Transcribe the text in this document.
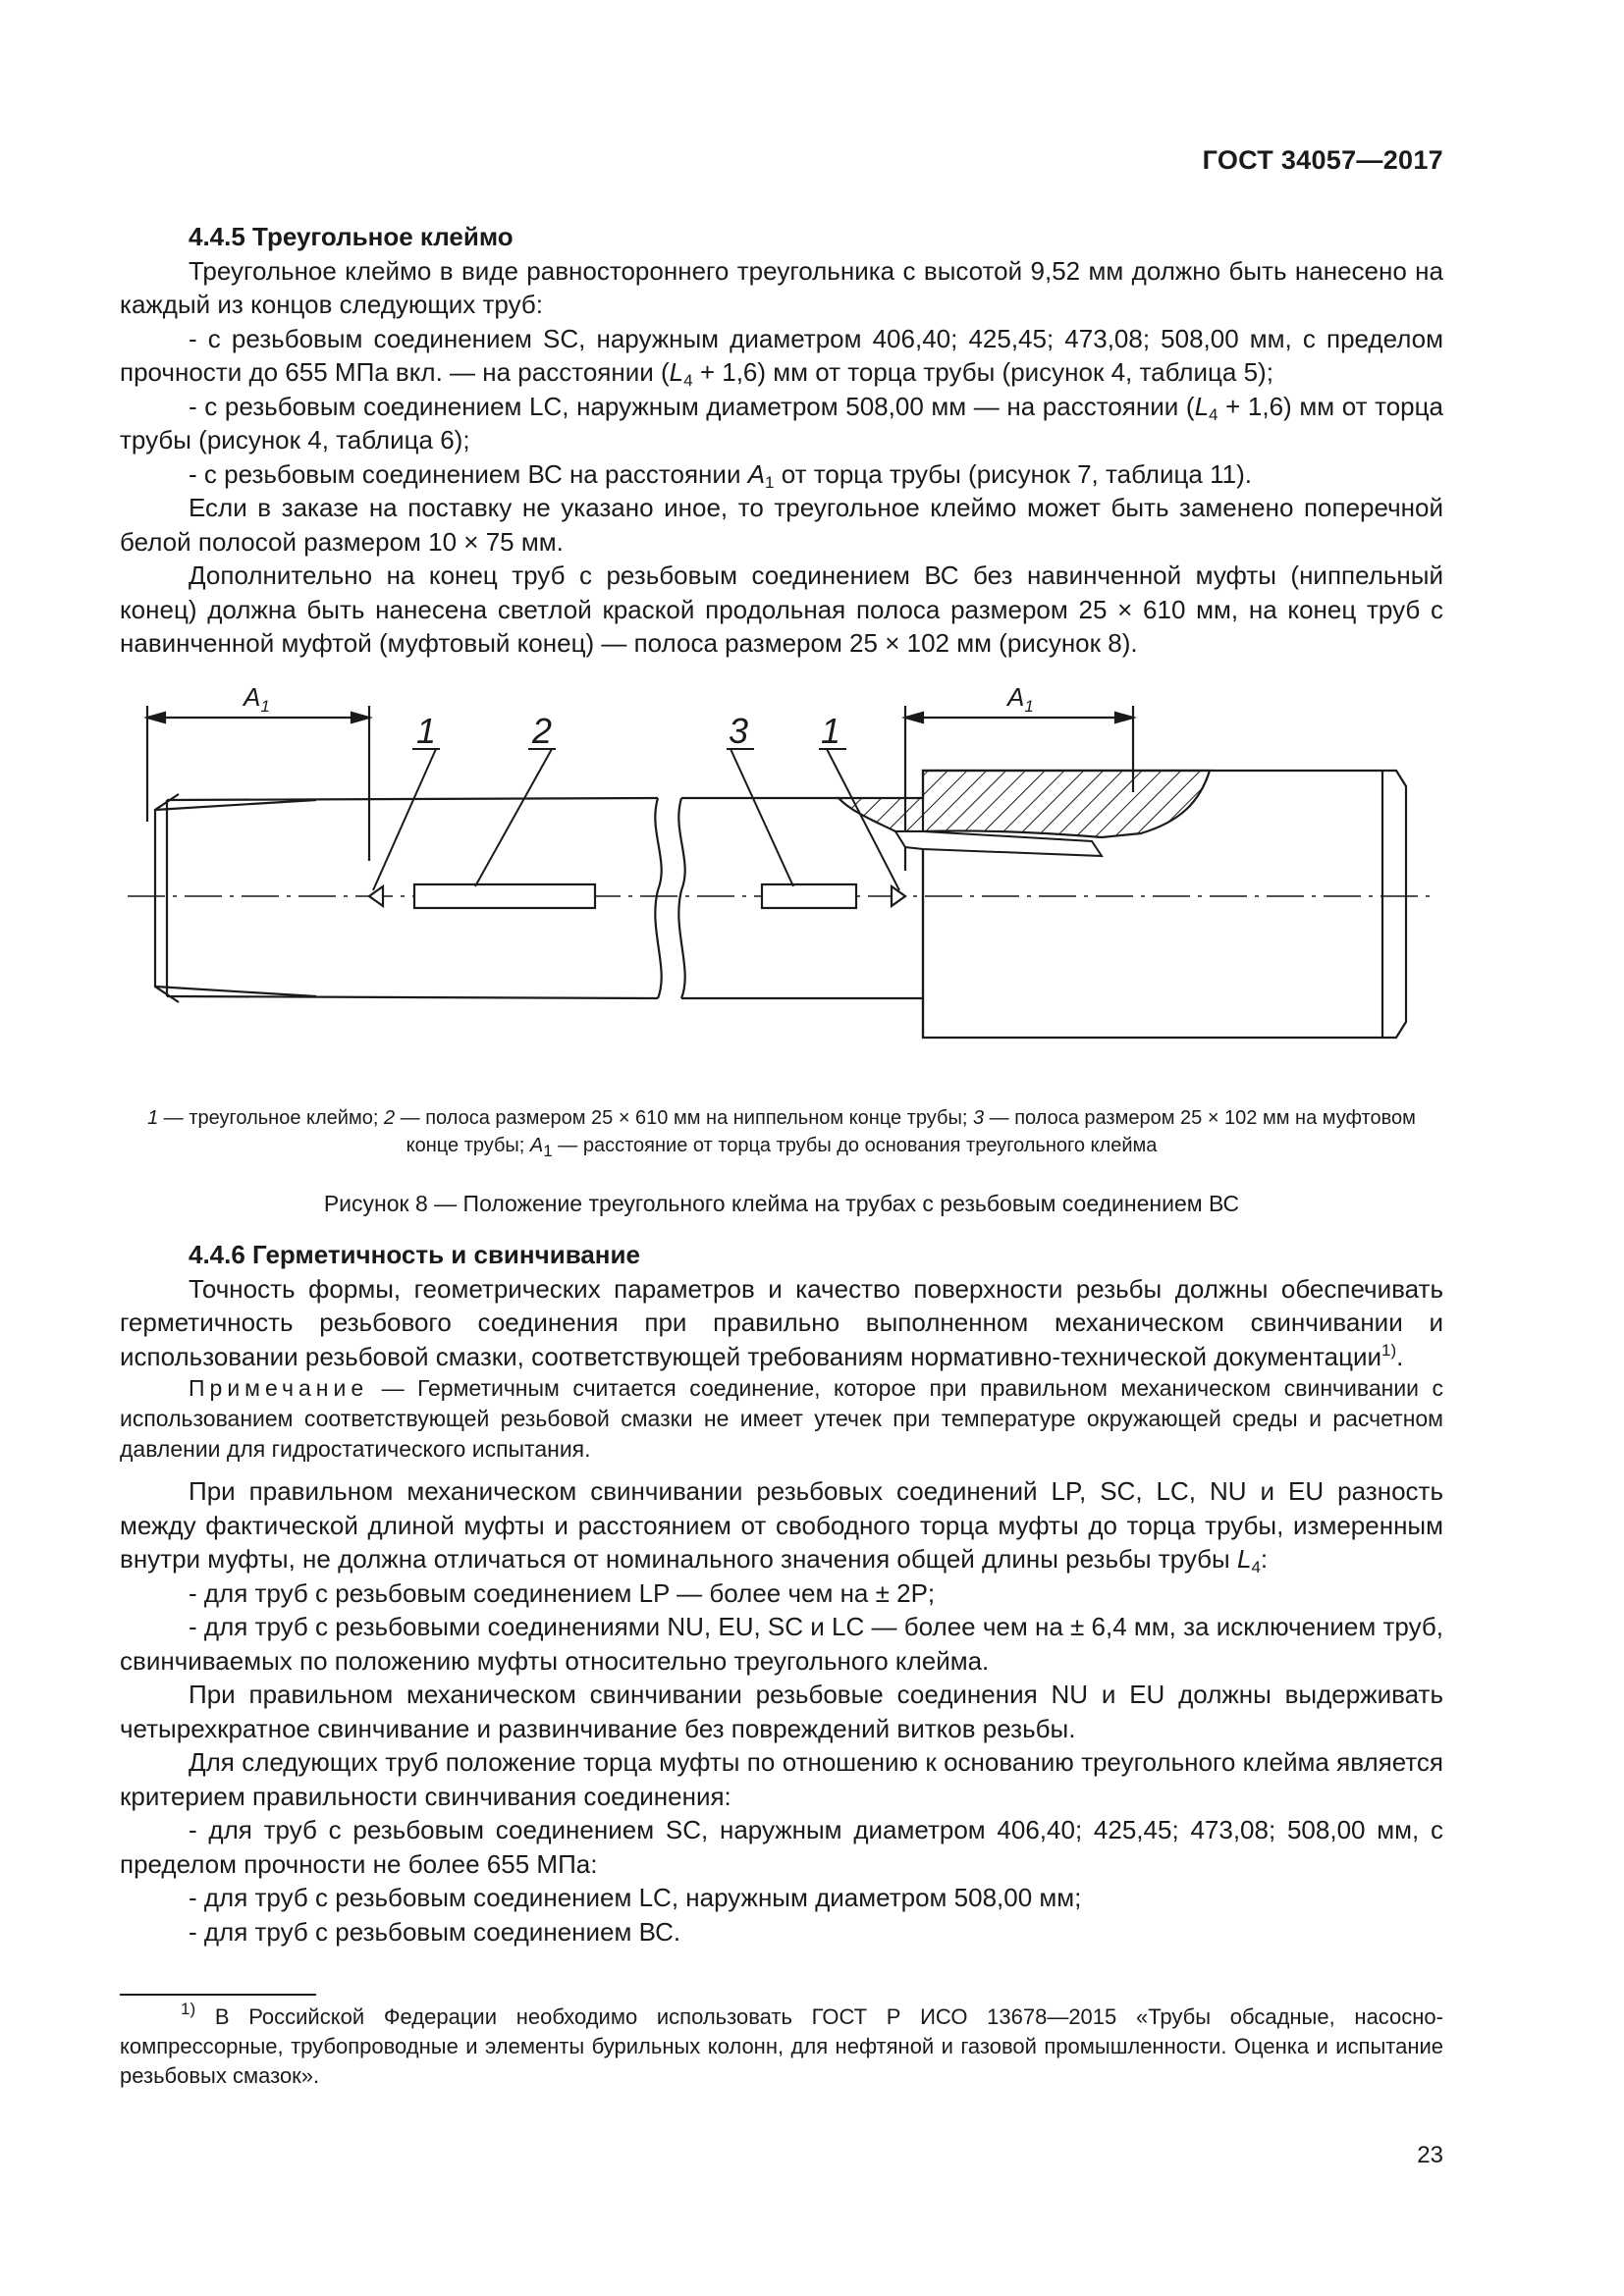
ГОСТ 34057—2017
4.4.5 Треугольное клеймо

Треугольное клеймо в виде равностороннего треугольника с высотой 9,52 мм должно быть нанесено на каждый из концов следующих труб:

- с резьбовым соединением SC, наружным диаметром 406,40; 425,45; 473,08; 508,00 мм, с пределом прочности до 655 МПа вкл. — на расстоянии $(L_4 + 1,6)$ мм от торца трубы (рисунок 4, таблица 5);

- с резьбовым соединением LC, наружным диаметром 508,00 мм — на расстоянии $(L_4 + 1,6)$ мм от торца трубы (рисунок 4, таблица 6);

- с резьбовым соединением ВС на расстоянии $A_1$ от торца трубы (рисунок 7, таблица 11).

Если в заказе на поставку не указано иное, то треугольное клеймо может быть заменено поперечной белой полосой размером 10 × 75 мм.

Дополнительно на конец труб с резьбовым соединением ВС без навинченной муфты (ниппельный конец) должна быть нанесена светлой краской продольная полоса размером 25 × 610 мм, на конец труб с навинченной муфтой (муфтовый конец) — полоса размером 25 × 102 мм (рисунок 8).

$A_1$	$A_1$
1	2	3 1
1 — треугольное клеймо; 2 — полоса размером 25 × 610 мм на ниппельном конце трубы; 3 — полоса размером 25 × 102 мм на муфтовом конце трубы; $A_1$ — расстояние от торца трубы до основания треугольного клейма
Рисунок 8 — Положение треугольного клейма на трубах с резьбовым соединением ВС
4.4.6 Герметичность и свинчивание

Точность формы, геометрических параметров и качество поверхности резьбы должны обеспечивать герметичность резьбового соединения при правильно выполненном механическом свинчивании и использовании резьбовой смазки, соответствующей требованиям нормативно-технической документации$^{1)}$.

Примечание — Герметичным считается соединение, которое при правильном механическом свинчивании с использованием соответствующей резьбовой смазки не имеет утечек при температуре окружающей среды и расчетном давлении для гидростатического испытания.

При правильном механическом свинчивании резьбовых соединений LP, SC, LC, NU и EU разность между фактической длиной муфты и расстоянием от свободного торца муфты до торца трубы, измеренным внутри муфты, не должна отличаться от номинального значения общей длины резьбы трубы $L_4$:

- для труб с резьбовым соединением LP — более чем на ± 2P;

- для труб с резьбовыми соединениями NU, EU, SC и LC — более чем на ± 6,4 мм, за исключением труб, свинчиваемых по положению муфты относительно треугольного клейма.

При правильном механическом свинчивании резьбовые соединения NU и EU должны выдерживать четырехкратное свинчивание и развинчивание без повреждений витков резьбы.

Для следующих труб положение торца муфты по отношению к основанию треугольного клейма является критерием правильности свинчивания соединения:

- для труб с резьбовым соединением SC, наружным диаметром 406,40; 425,45; 473,08; 508,00 мм, с пределом прочности не более 655 МПа:

- для труб с резьбовым соединением LC, наружным диаметром 508,00 мм;

- для труб с резьбовым соединением ВС.

$^{1)}$ В Российской Федерации необходимо использовать ГОСТ Р ИСО 13678—2015 «Трубы обсадные, насосно-компрессорные, трубопроводные и элементы бурильных колонн, для нефтяной и газовой промышленности. Оценка и испытание резьбовых смазок».
23
